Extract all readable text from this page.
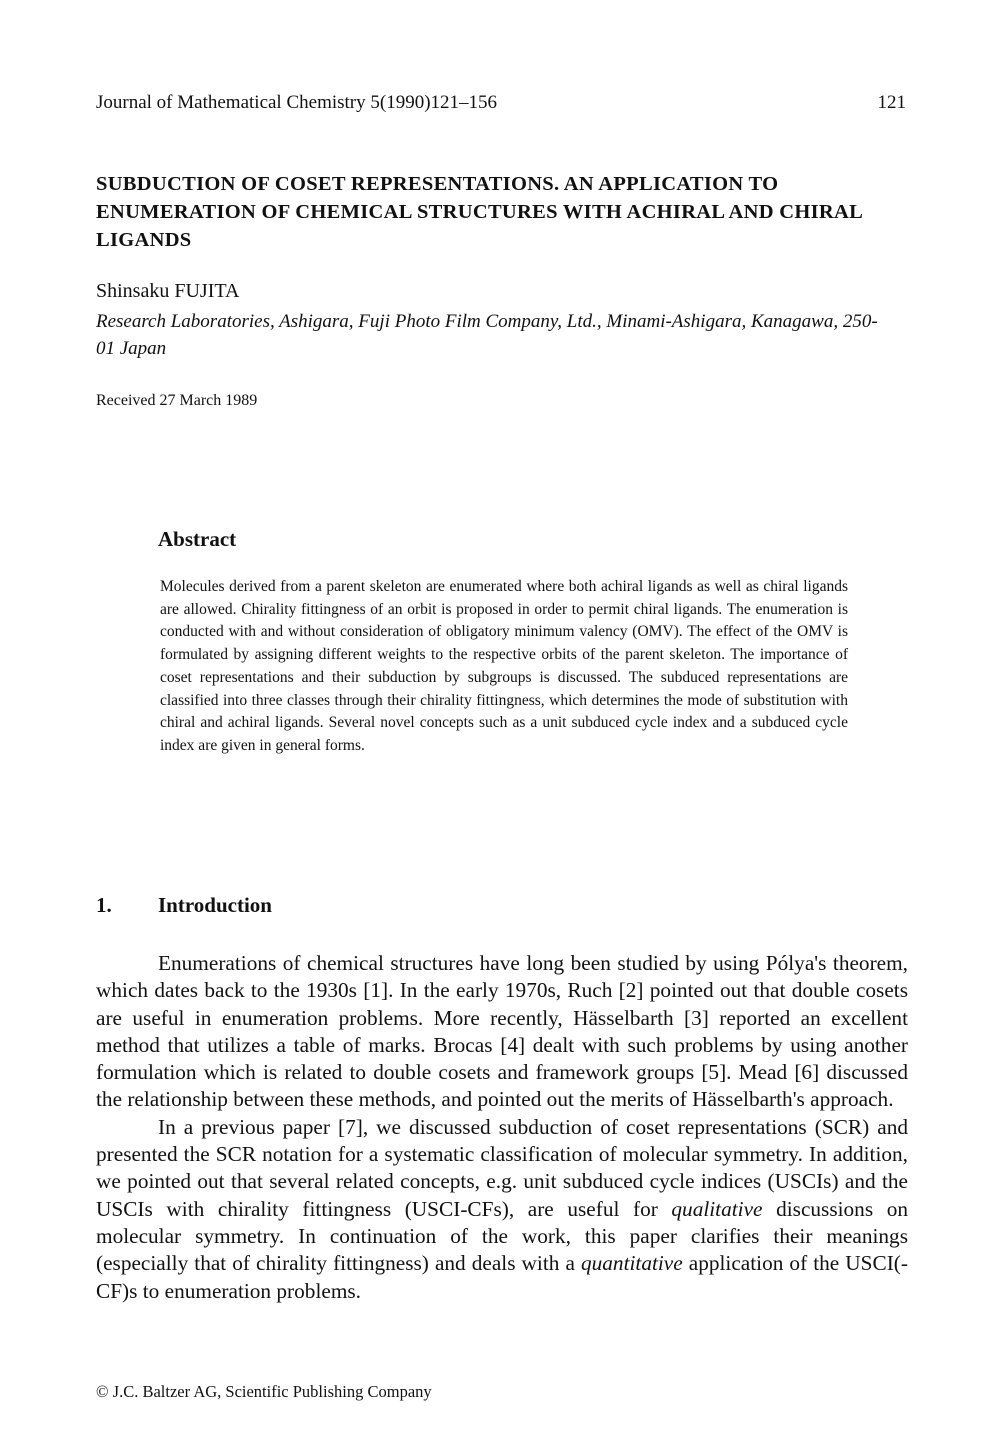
Journal of Mathematical Chemistry 5(1990)121–156	121
SUBDUCTION OF COSET REPRESENTATIONS. AN APPLICATION TO ENUMERATION OF CHEMICAL STRUCTURES WITH ACHIRAL AND CHIRAL LIGANDS

Shinsaku FUJITA

Research Laboratories, Ashigara, Fuji Photo Film Company, Ltd., Minami-Ashigara, Kanagawa, 250-01 Japan

Received 27 March 1989

Abstract

Molecules derived from a parent skeleton are enumerated where both achiral ligands as well as chiral ligands are allowed. Chirality fittingness of an orbit is proposed in order to permit chiral ligands. The enumeration is conducted with and without consideration of obligatory minimum valency (OMV). The effect of the OMV is formulated by assigning different weights to the respective orbits of the parent skeleton. The importance of coset representations and their subduction by subgroups is discussed. The subduced representations are classified into three classes through their chirality fittingness, which determines the mode of substitution with chiral and achiral ligands. Several novel concepts such as a unit subduced cycle index and a subduced cycle index are given in general forms.

1.	Introduction

Enumerations of chemical structures have long been studied by using Pólya's theorem, which dates back to the 1930s [1]. In the early 1970s, Ruch [2] pointed out that double cosets are useful in enumeration problems. More recently, Hässelbarth [3] reported an excellent method that utilizes a table of marks. Brocas [4] dealt with such problems by using another formulation which is related to double cosets and framework groups [5]. Mead [6] discussed the relationship between these methods, and pointed out the merits of Hässelbarth's approach.

In a previous paper [7], we discussed subduction of coset representations (SCR) and presented the SCR notation for a systematic classification of molecular symmetry. In addition, we pointed out that several related concepts, e.g. unit subduced cycle indices (USCIs) and the USCIs with chirality fittingness (USCI-CFs), are useful for qualitative discussions on molecular symmetry. In continuation of the work, this paper clarifies their meanings (especially that of chirality fittingness) and deals with a quantitative application of the USCI(-CF)s to enumeration problems.

© J.C. Baltzer AG, Scientific Publishing Company
